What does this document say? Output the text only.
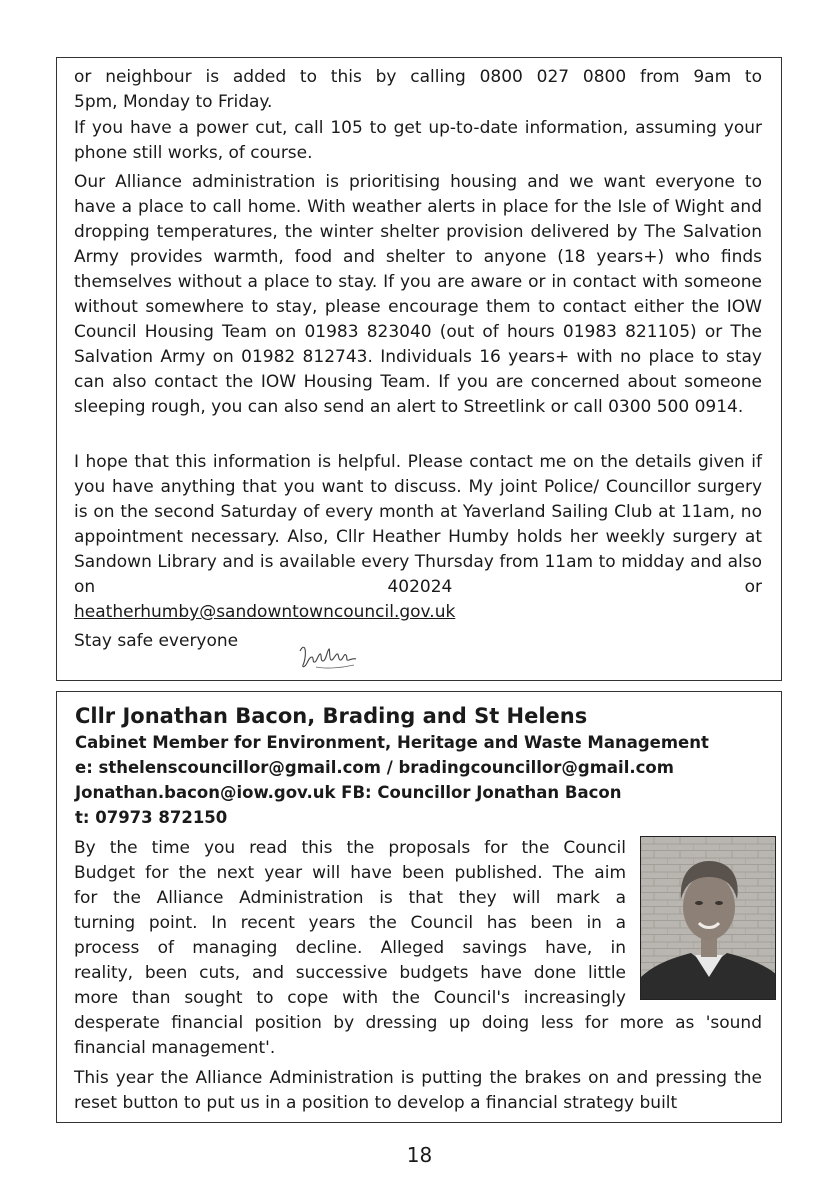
or neighbour is added to this by calling 0800 027 0800 from 9am to

5pm, Monday to Friday.

If you have a power cut, call 105 to get up-to-date information, assuming your phone still works, of course.

Our Alliance administration is prioritising housing and we want everyone to have a place to call home. With weather alerts in place for the Isle of Wight and dropping temperatures, the winter shelter provision delivered by The Salvation Army provides warmth, food and shelter to anyone (18 years+) who finds themselves without a place to stay. If you are aware or in contact with someone without somewhere to stay, please encourage them to contact either the IOW Council Housing Team on 01983 823040 (out of hours 01983 821105) or The Salvation Army on 01982 812743. Individuals 16 years+ with no place to stay can also contact the IOW Housing Team. If you are concerned about someone sleeping rough, you can also send an alert to Streetlink or call 0300 500 0914.

I hope that this information is helpful. Please contact me on the details given if you have anything that you want to discuss. My joint Police/ Councillor surgery is on the second Saturday of every month at Yaverland Sailing Club at 11am, no appointment necessary. Also, Cllr Heather Humby holds her weekly surgery at Sandown Library and is available every Thursday from 11am to midday and also on 402024 or

heatherhumby@sandowntowncouncil.gov.uk

Stay safe everyone

Cllr Jonathan Bacon, Brading and St Helens
Cabinet Member for Environment, Heritage and Waste Management
e: sthelenscouncillor@gmail.com / bradingcouncillor@gmail.com
Jonathan.bacon@iow.gov.uk FB: Councillor Jonathan Bacon
t: 07973 872150

By the time you read this the proposals for the Council

Budget for the next year will have been published. The aim

for the Alliance Administration is that they will mark a

turning point. In recent years the Council has been in a

process of managing decline. Alleged savings have, in

reality, been cuts, and successive budgets have done little

more than sought to cope with the Council's increasingly

desperate financial position by dressing up doing less for more as 'sound

financial management'.

This year the Alliance Administration is putting the brakes on and pressing the reset button to put us in a position to develop a financial strategy built

18
